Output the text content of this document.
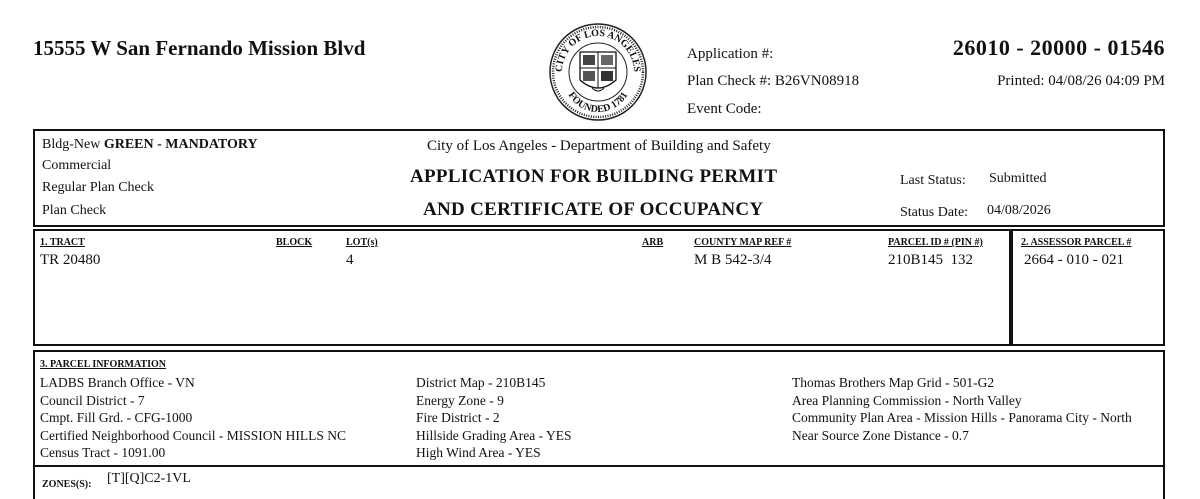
15555 W San Fernando Mission Blvd
CITY OF LOS ANGELES
FOUNDED 1781
Application #:
Plan Check #: B26VN08918
Event Code:
26010 - 20000 - 01546
Printed: 04/08/26 04:09 PM
Bldg-New GREEN - MANDATORY
Commercial
Regular Plan Check
Plan Check
City of Los Angeles - Department of Building and Safety
APPLICATION FOR BUILDING PERMIT
AND CERTIFICATE OF OCCUPANCY
Last Status: Submitted
Status Date: 04/08/2026
1. TRACT
TR 20480
BLOCK	LOT(s)
4
ARB	COUNTY MAP REF #
M B 542-3/4
PARCEL ID # (PIN #)
210B145 132
2. ASSESSOR PARCEL #
2664 - 010 - 021
3. PARCEL INFORMATION
LADBS Branch Office - VN
Council District - 7
Cmpt. Fill Grd. - CFG-1000
Certified Neighborhood Council - MISSION HILLS NC
Census Tract - 1091.00
District Map - 210B145
Energy Zone - 9
Fire District - 2
Hillside Grading Area - YES
High Wind Area - YES
Thomas Brothers Map Grid - 501-G2
Area Planning Commission - North Valley
Community Plan Area - Mission Hills - Panorama City - North
Near Source Zone Distance - 0.7
ZONES(S): [T][Q]C2-1VL
